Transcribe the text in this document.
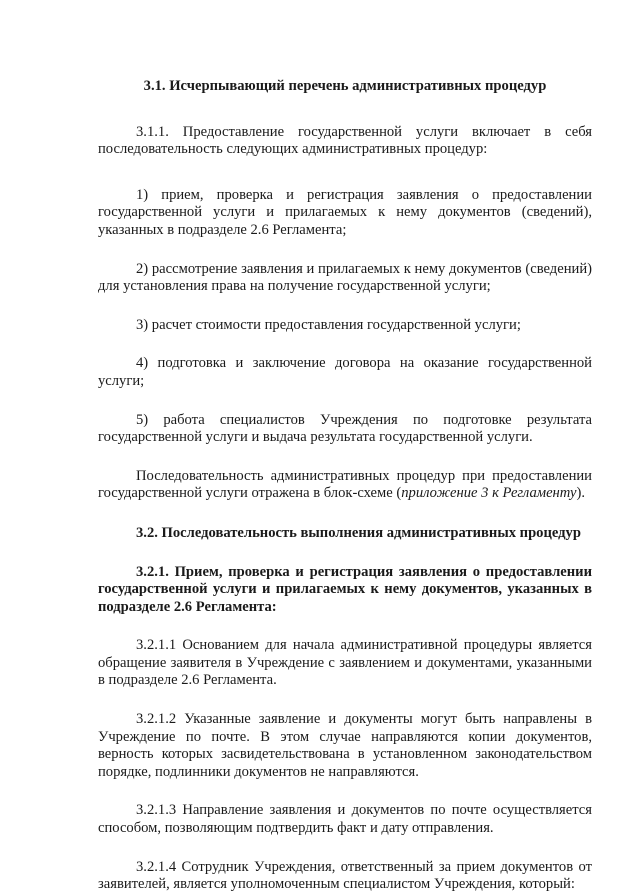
3.1. Исчерпывающий перечень административных процедур

3.1.1. Предоставление государственной услуги включает в себя последовательность следующих административных процедур:

1) прием, проверка и регистрация заявления о предоставлении государственной услуги и прилагаемых к нему документов (сведений), указанных в подразделе 2.6 Регламента;

2) рассмотрение заявления и прилагаемых к нему документов (сведений) для установления права на получение государственной услуги;

3) расчет стоимости предоставления государственной услуги;

4) подготовка и заключение договора на оказание государственной услуги;

5) работа специалистов Учреждения по подготовке результата государственной услуги и выдача результата государственной услуги.

Последовательность административных процедур при предоставлении государственной услуги отражена в блок-схеме (приложение 3 к Регламенту).

3.2. Последовательность выполнения административных процедур

3.2.1. Прием, проверка и регистрация заявления о предоставлении государственной услуги и прилагаемых к нему документов, указанных в подразделе 2.6 Регламента:

3.2.1.1 Основанием для начала административной процедуры является обращение заявителя в Учреждение с заявлением и документами, указанными в подразделе 2.6 Регламента.

3.2.1.2 Указанные заявление и документы могут быть направлены в Учреждение по почте. В этом случае направляются копии документов, верность которых засвидетельствована в установленном законодательством порядке, подлинники документов не направляются.

3.2.1.3 Направление заявления и документов по почте осуществляется способом, позволяющим подтвердить факт и дату отправления.

3.2.1.4 Сотрудник Учреждения, ответственный за прием документов от заявителей, является уполномоченным специалистом Учреждения, который:
